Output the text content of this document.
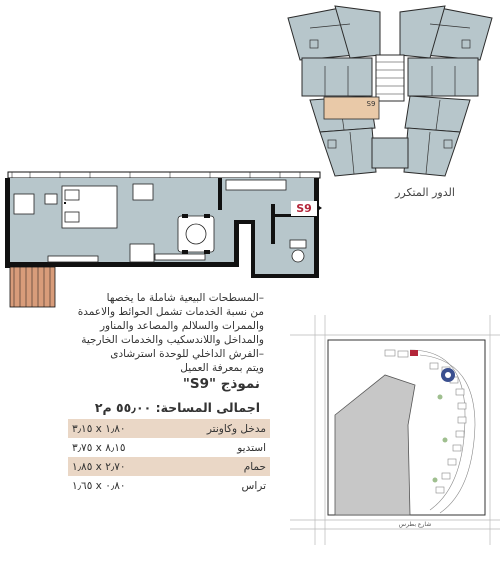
S9
الدور المتكرر
S9
–المسطحات البيعية شاملة ما يخصها
من نسبة الخدمات تشمل الحوائط والاعمدة
والممرات والسلالم والمصاعد والمناور
والمداخل واللاندسكيب والخدمات الخارجية
–الفرش الداخلي للوحدة استرشادى
ويتم بمعرفة العميل
نموذج "S9"
اجمالى المساحة: ٥٥٫٠٠ م٢
٣٫١٥ x ١٫٨٠	مدخل وكاونتر
٣٫٧٥ x ٨٫١٥	استديو
١٫٨٥ x ٢٫٧٠	حمام
١٫٦٥ x ٠٫٨٠	تراس
شارع بطرس
